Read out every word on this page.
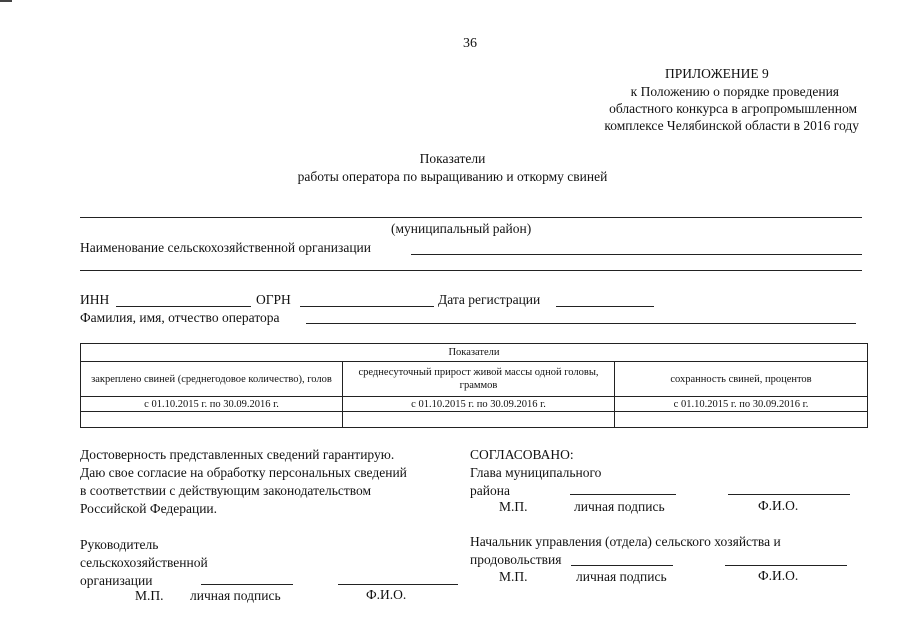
36
ПРИЛОЖЕНИЕ 9
к Положению о порядке проведения
областного конкурса в агропромышленном
комплексе Челябинской области в 2016 году
Показатели
работы оператора по выращиванию и откорму свиней
(муниципальный район)
Наименование сельскохозяйственной организации
ИНН	ОГРН	Дата регистрации
Фамилия, имя, отчество оператора
Показатели		
закреплено свиней (среднегодовое количество), голов	среднесуточный прирост живой массы одной головы, граммов	сохранность свиней, процентов
с 01.10.2015 г. по 30.09.2016 г.	с 01.10.2015 г. по 30.09.2016 г.	с 01.10.2015 г. по 30.09.2016 г.

Достоверность представленных сведений гарантирую.
Даю свое согласие на обработку персональных сведений
в соответствии с действующим законодательством
Российской Федерации.
СОГЛАСОВАНО:
Глава муниципального
района
М.П.	личная подпись	Ф.И.О.
Начальник управления (отдела) сельского хозяйства и
продовольствия
М.П.	личная подпись	Ф.И.О.
Руководитель
сельскохозяйственной
организации
М.П. личная подпись	Ф.И.О.
